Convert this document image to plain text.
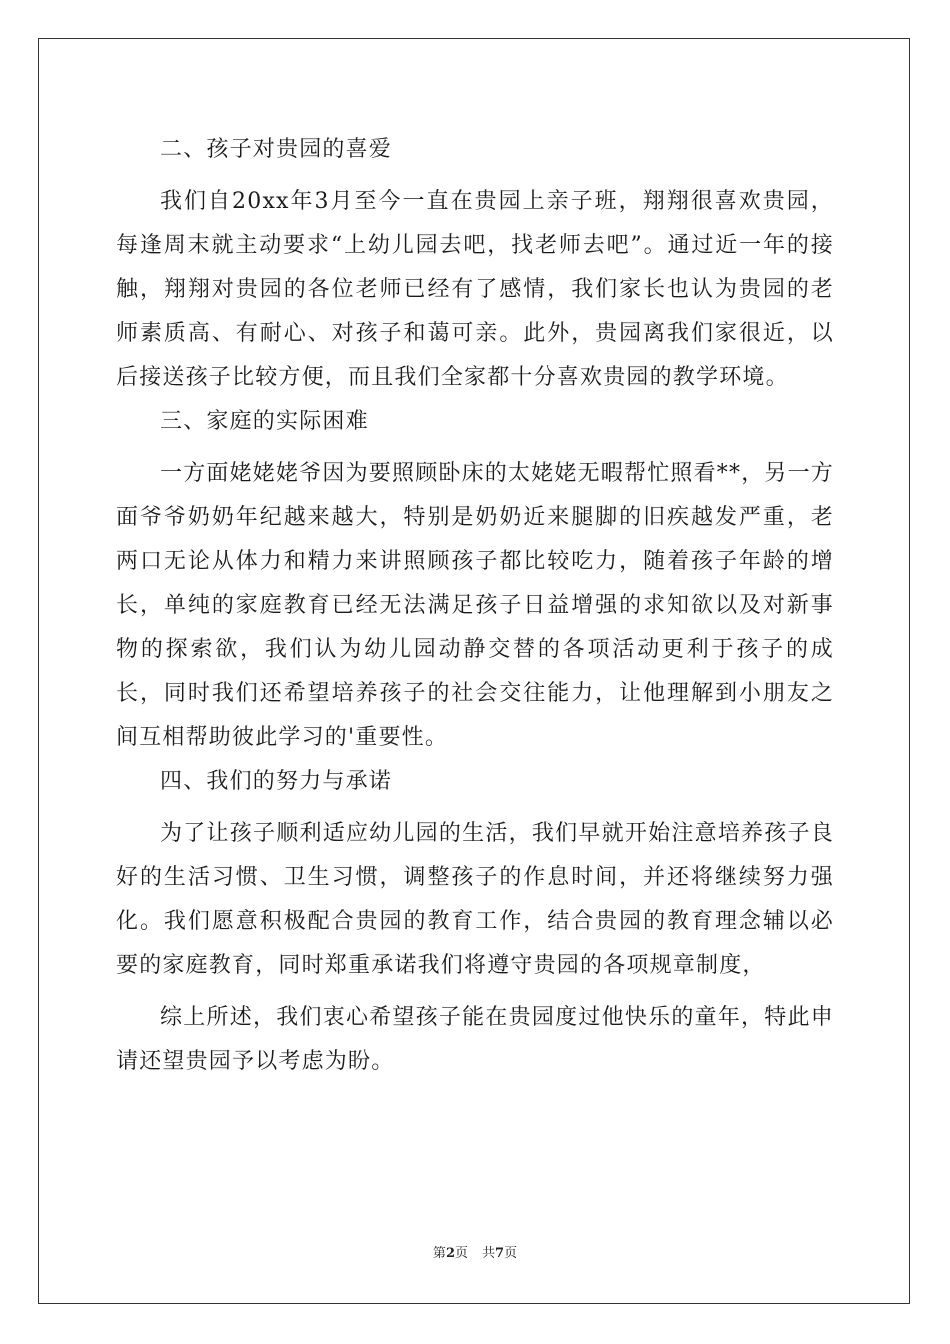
二、孩子对贵园的喜爱

我们自20xx年3月至今一直在贵园上亲子班，翔翔很喜欢贵园，每逢周末就主动要求“上幼儿园去吧，找老师去吧”。通过近一年的接触，翔翔对贵园的各位老师已经有了感情，我们家长也认为贵园的老师素质高、有耐心、对孩子和蔼可亲。此外，贵园离我们家很近，以后接送孩子比较方便，而且我们全家都十分喜欢贵园的教学环境。

三、家庭的实际困难

一方面姥姥姥爷因为要照顾卧床的太姥姥无暇帮忙照看**，另一方面爷爷奶奶年纪越来越大，特别是奶奶近来腿脚的旧疾越发严重，老两口无论从体力和精力来讲照顾孩子都比较吃力，随着孩子年龄的增长，单纯的家庭教育已经无法满足孩子日益增强的求知欲以及对新事物的探索欲，我们认为幼儿园动静交替的各项活动更利于孩子的成长，同时我们还希望培养孩子的社会交往能力，让他理解到小朋友之间互相帮助彼此学习的'重要性。

四、我们的努力与承诺

为了让孩子顺利适应幼儿园的生活，我们早就开始注意培养孩子良好的生活习惯、卫生习惯，调整孩子的作息时间，并还将继续努力强化。我们愿意积极配合贵园的教育工作，结合贵园的教育理念辅以必要的家庭教育，同时郑重承诺我们将遵守贵园的各项规章制度，

综上所述，我们衷心希望孩子能在贵园度过他快乐的童年，特此申请还望贵园予以考虑为盼。

第2页 共7页
